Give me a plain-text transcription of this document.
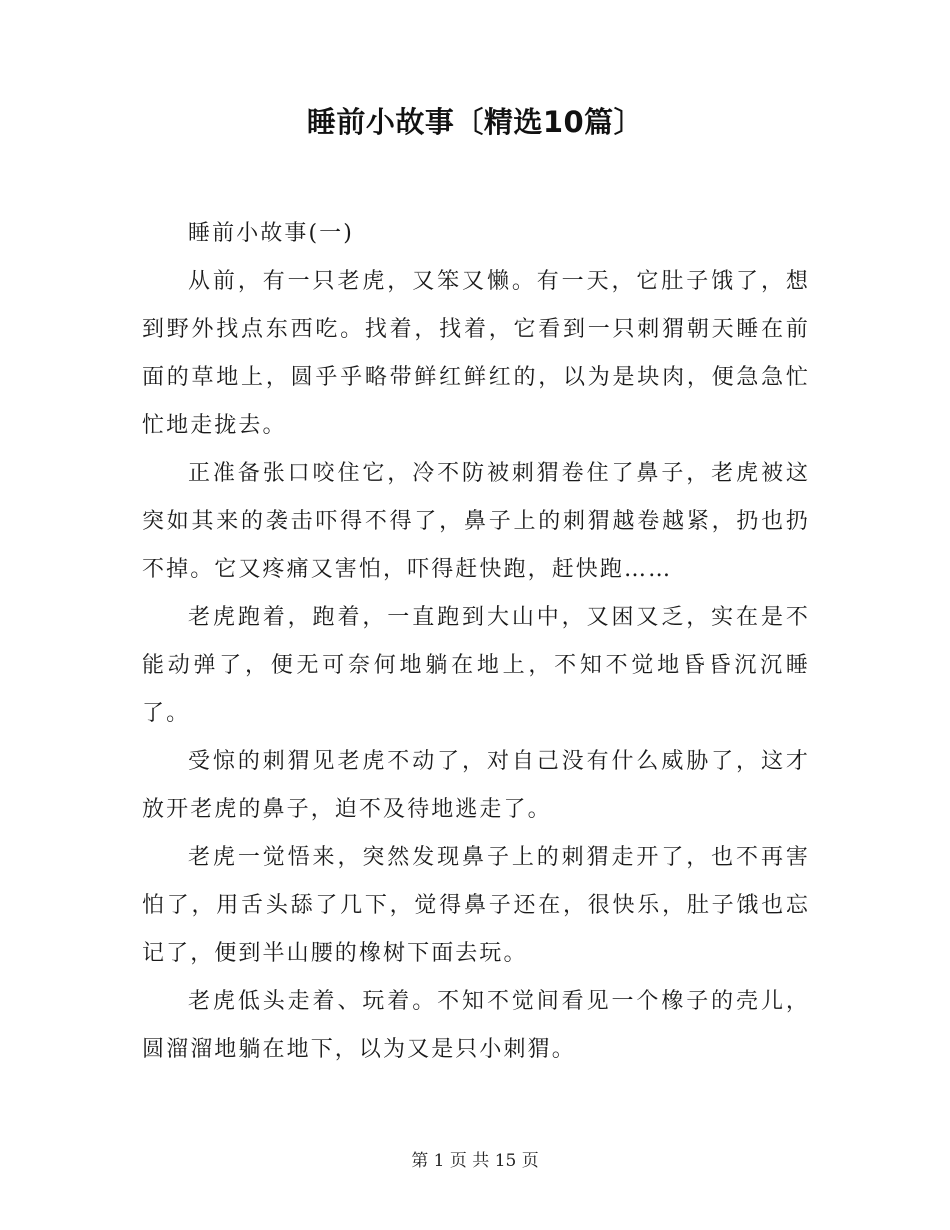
睡前小故事〔精选10篇〕

睡前小故事(一)

从前，有一只老虎，又笨又懒。有一天，它肚子饿了，想到野外找点东西吃。找着，找着，它看到一只刺猬朝天睡在前面的草地上，圆乎乎略带鲜红鲜红的，以为是块肉，便急急忙忙地走拢去。

正准备张口咬住它，冷不防被刺猬卷住了鼻子，老虎被这突如其来的袭击吓得不得了，鼻子上的刺猬越卷越紧，扔也扔不掉。它又疼痛又害怕，吓得赶快跑，赶快跑……

老虎跑着，跑着，一直跑到大山中，又困又乏，实在是不能动弹了，便无可奈何地躺在地上，不知不觉地昏昏沉沉睡了。

受惊的刺猬见老虎不动了，对自己没有什么威胁了，这才放开老虎的鼻子，迫不及待地逃走了。

老虎一觉悟来，突然发现鼻子上的刺猬走开了，也不再害怕了，用舌头舔了几下，觉得鼻子还在，很快乐，肚子饿也忘记了，便到半山腰的橡树下面去玩。

老虎低头走着、玩着。不知不觉间看见一个橡子的壳儿，圆溜溜地躺在地下，以为又是只小刺猬。

第 1 页 共 15 页
